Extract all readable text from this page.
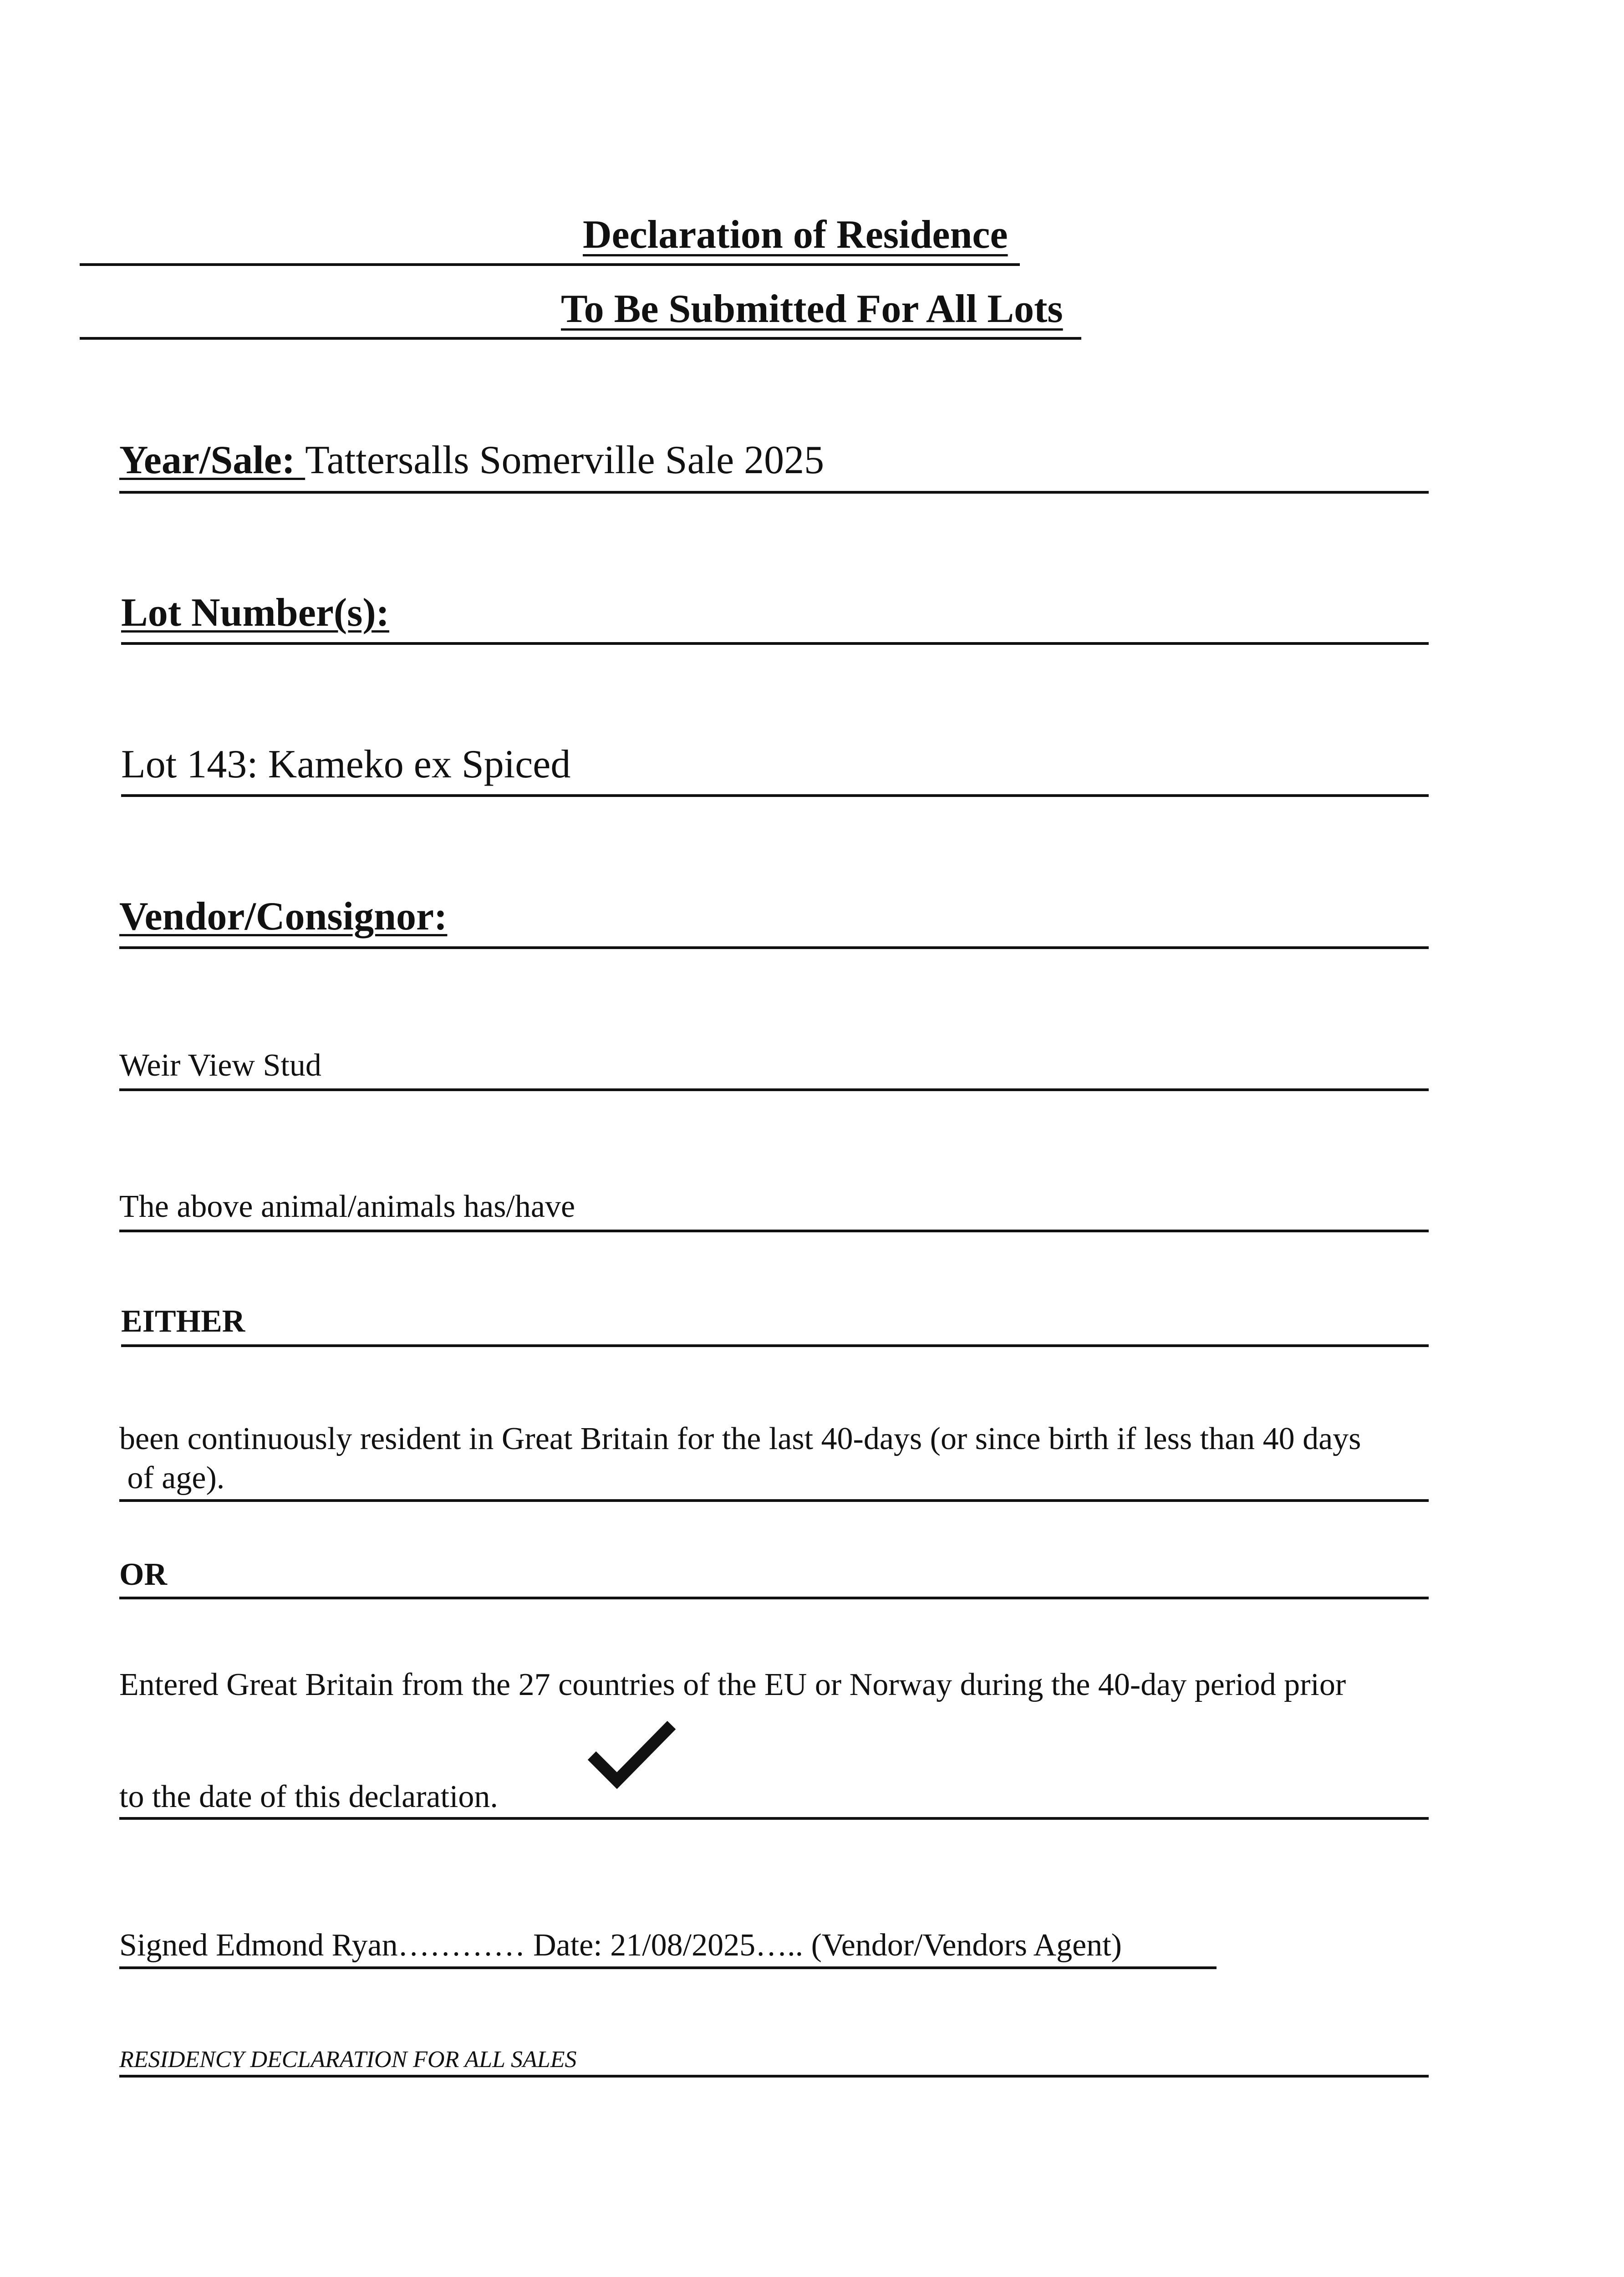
Declaration of Residence
To Be Submitted For All Lots
Year/Sale: Tattersalls Somerville Sale 2025
Lot Number(s):
Lot 143: Kameko ex Spiced
Vendor/Consignor:
Weir View Stud
The above animal/animals has/have
EITHER
been continuously resident in Great Britain for the last 40-days (or since birth if less than 40 days
of age).
OR
Entered Great Britain from the 27 countries of the EU or Norway during the 40-day period prior
to the date of this declaration.
Signed Edmond Ryan………… Date: 21/08/2025….. (Vendor/Vendors Agent)
RESIDENCY DECLARATION FOR ALL SALES
